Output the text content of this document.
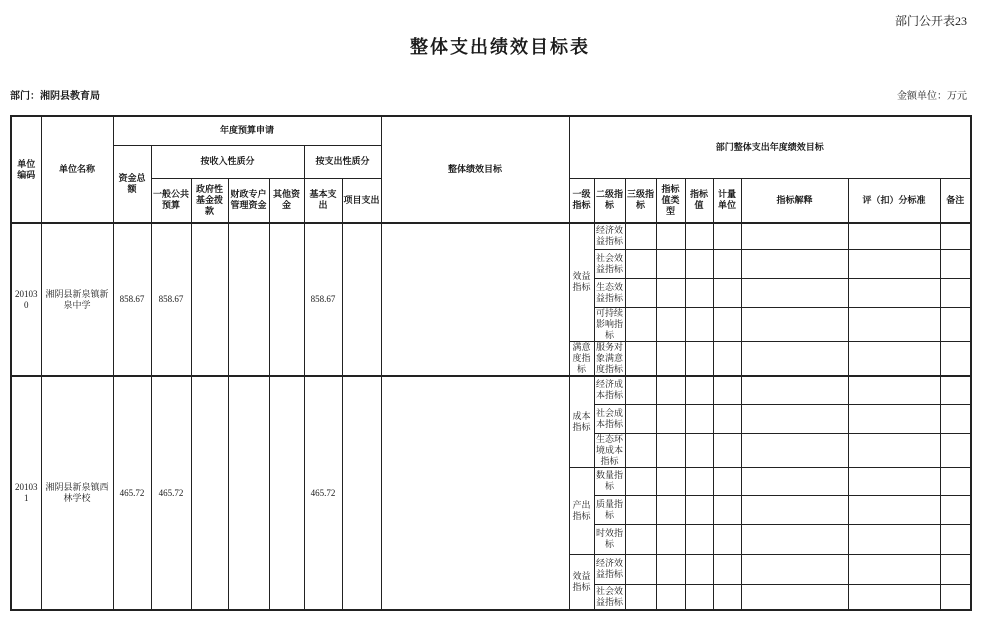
部门公开表23
整体支出绩效目标表
部门：湘阴县教育局	金额单位：万元
单位编码	单位名称	年度预算申请							整体绩效目标	部门整体支出年度绩效目标								
		资金总额	按收入性质分				按支出性质分											
			一般公共预算	政府性基金拨款	财政专户管理资金	其他资金	基本支出	项目支出		一级指标	二级指标	三级指标	指标值类型	指标值	计量单位	指标解释	评（扣）分标准	备注
201030	湘阴县新泉镇新泉中学	858.67	858.67				858.67			效益指标	经济效益指标							
											社会效益指标							
											生态效益指标							
											可持续影响指标							
										满意度指标	服务对象满意度指标							
201031	湘阴县新泉镇西林学校	465.72	465.72				465.72			成本指标	经济成本指标							
											社会成本指标							
											生态环境成本指标							
										产出指标	数量指标							
											质量指标							
											时效指标							
										效益指标	经济效益指标							
											社会效益指标							
